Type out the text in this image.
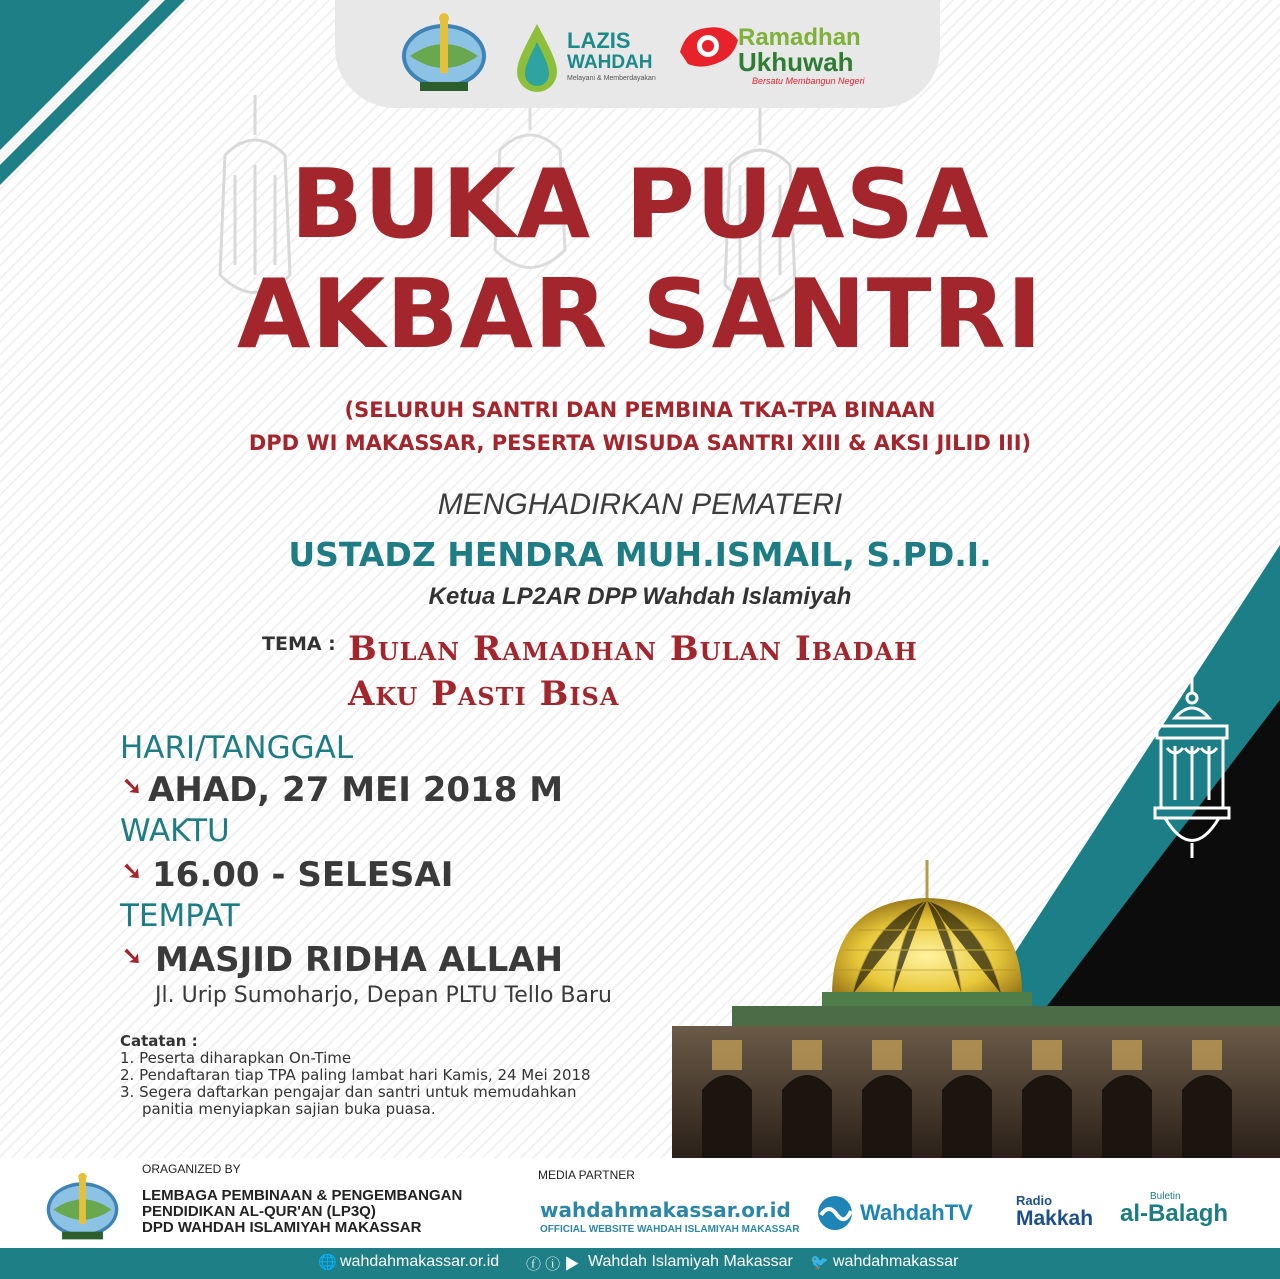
LAZIS
WAHDAH
Melayani & Memberdayakan
Ramadhan
Ukhuwah
Bersatu Membangun Negeri
BUKA PUASA
AKBAR SANTRI
(SELURUH SANTRI DAN PEMBINA TKA-TPA BINAAN
DPD WI MAKASSAR, PESERTA WISUDA SANTRI XIII & AKSI JILID III)
MENGHADIRKAN PEMATERI
USTADZ HENDRA MUH.ISMAIL, S.PD.I.
Ketua LP2AR DPP Wahdah Islamiyah
TEMA : Bulan Ramadhan Bulan Ibadah
Aku Pasti Bisa
HARI/TANGGAL
➘ AHAD, 27 MEI 2018 M
WAKTU
➘ 16.00 - SELESAI
TEMPAT
➘ MASJID RIDHA ALLAH
Jl. Urip Sumoharjo, Depan PLTU Tello Baru
Catatan :
1. Peserta diharapkan On-Time
2. Pendaftaran tiap TPA paling lambat hari Kamis, 24 Mei 2018
3. Segera daftarkan pengajar dan santri untuk memudahkan
panitia menyiapkan sajian buka puasa.
ORAGANIZED BY
LEMBAGA PEMBINAAN & PENGEMBANGAN
PENDIDIKAN AL-QUR'AN (LP3Q)
DPD WAHDAH ISLAMIYAH MAKASSAR
MEDIA PARTNER
wahdahmakassar.or.id
OFFICIAL WEBSITE WAHDAH ISLAMIYAH MAKASSAR
WahdahTV	Radio
Makkah
Buletin
al-Balagh
🌐 wahdahmakassar.or.id ⓕ ⓘ ▶ Wahdah Islamiyah Makassar 🐦 wahdahmakassar
